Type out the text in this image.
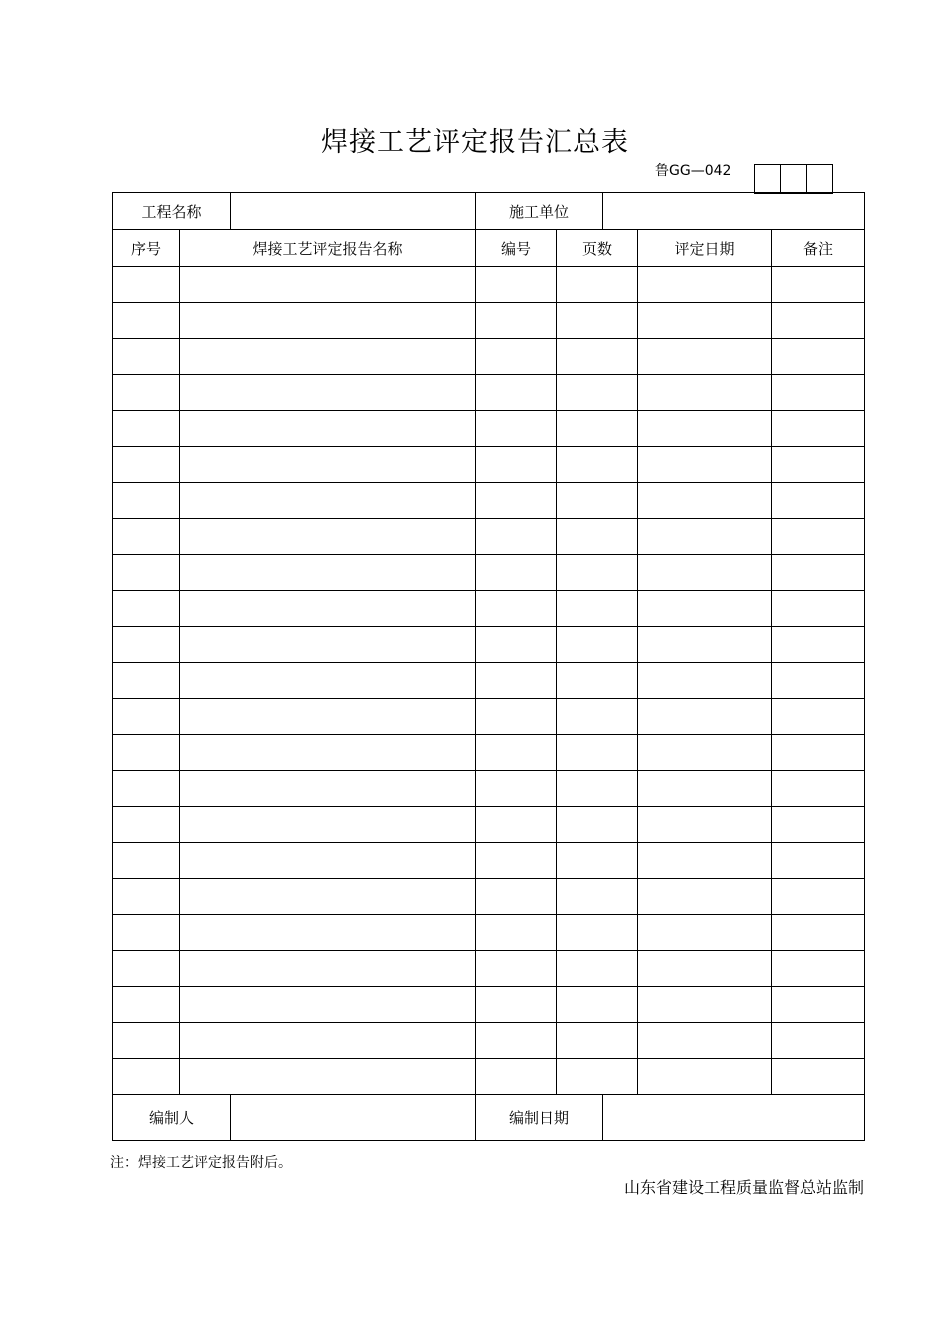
焊接工艺评定报告汇总表
鲁GG—042
工程名称			施工单位				
序号	焊接工艺评定报告名称		编号	页数		评定日期	备注

编制人			编制日期				
注：焊接工艺评定报告附后。
山东省建设工程质量监督总站监制
